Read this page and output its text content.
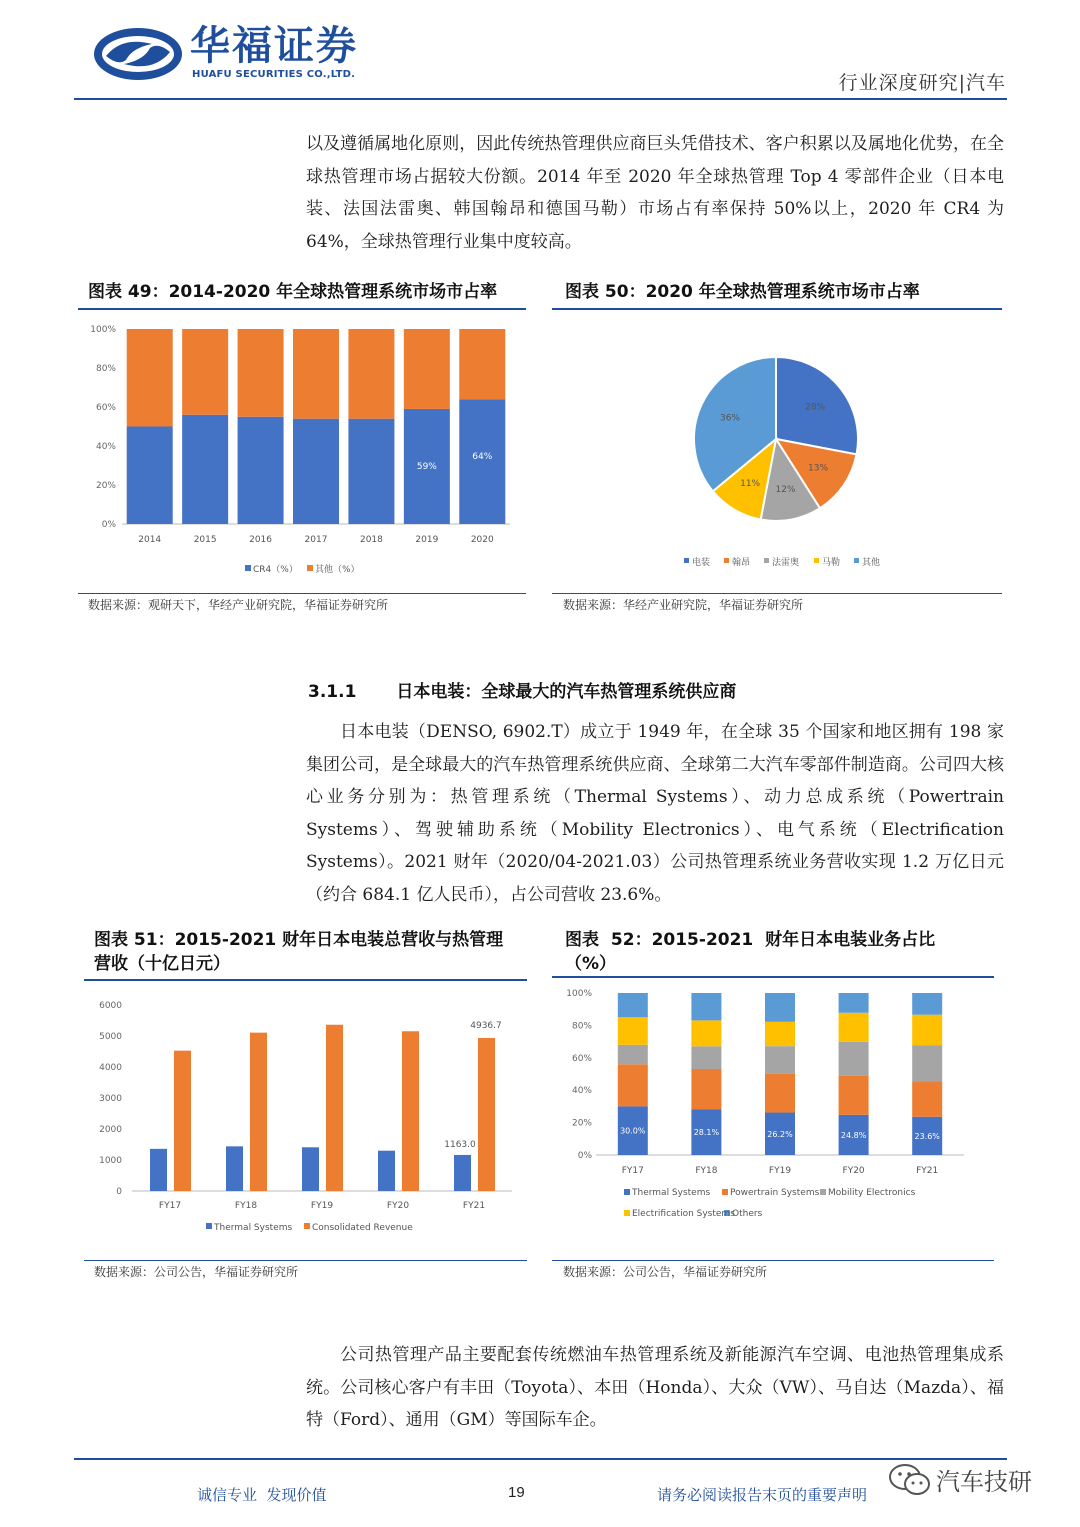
华福证券
HUAFU SECURITIES CO.,LTD.	行业深度研究|汽车

以及遵循属地化原则，因此传统热管理供应商巨头凭借技术、客户积累以及属地化优势，在全球热管理市场占据较大份额。2014 年至 2020 年全球热管理 Top 4 零部件企业（日本电装、法国法雷奥、韩国翰昂和德国马勒）市场占有率保持 50%以上，2020 年 CR4 为 64%，全球热管理行业集中度较高。

图表 49：2014-2020 年全球热管理系统市场市占率
0%
20%
40%
60%
80%
100%
2014	2015	2016	2017	2018
59%
2019
64%
2020
CR4（%） 其他（%）
数据来源：观研天下，华经产业研究院，华福证券研究所
图表 50：2020 年全球热管理系统市场市占率
28%
13%
12%
11%
36%
电装 翰昂 法雷奥	马勒 其他
数据来源：华经产业研究院，华福证券研究所
3.1.1 日本电装：全球最大的汽车热管理系统供应商

日本电装（DENSO, 6902.T）成立于 1949 年，在全球 35 个国家和地区拥有 198 家集团公司，是全球最大的汽车热管理系统供应商、全球第二大汽车零部件制造商。公司四大核心业务分别为：热管理系统（Thermal Systems）、动力总成系统（Powertrain Systems）、驾驶辅助系统（Mobility Electronics）、电气系统（Electrification Systems）。2021 财年（2020/04-2021.03）公司热管理系统业务营收实现 1.2 万亿日元（约合 684.1 亿人民币），占公司营收 23.6%。

图表 51：2015-2021 财年日本电装总营收与热管理
营收（十亿日元）
0
1000
2000
3000
4000
5000
6000
FY17	FY18	FY19	FY20	FY21
1163.0
4936.7
Thermal Systems Consolidated Revenue
数据来源：公司公告，华福证券研究所
图表 52：2015-2021 财年日本电装业务占比
（%）
0%
20%
40%
60%
80%
100%
30.0%
FY17
28.1%
FY18
26.2%
FY19
24.8%
FY20
23.6%
FY21
Thermal Systems Powertrain Systems Mobility Electronics
Electrification Systems
Others
数据来源：公司公告，华福证券研究所

公司热管理产品主要配套传统燃油车热管理系统及新能源汽车空调、电池热管理集成系统。公司核心客户有丰田（Toyota）、本田（Honda）、大众（VW）、马自达（Mazda）、福特（Ford）、通用（GM）等国际车企。

诚信专业  发现价值	19	请务必阅读报告末页的重要声明	汽车技研
